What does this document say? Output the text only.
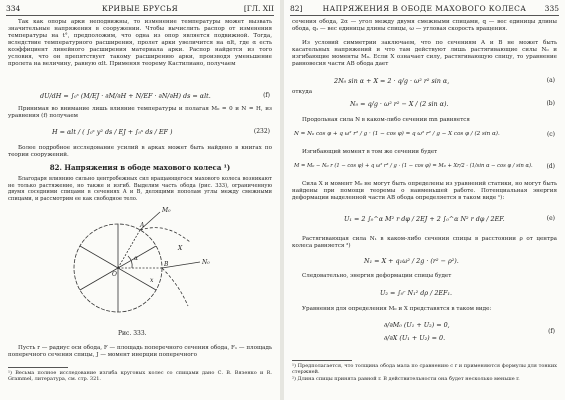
334	КРИВЫЕ БРУСЬЯ	[ГЛ. XII
Так как опоры арки неподвижны, то изменение температуры может вызвать значительные напряжения в сооружении. Чтобы вычислить распор от изменения температуры на t°, предположим, что одна из опор является подвижной. Тогда, вследствие температурного расширения, пролет арки увеличится на αlt, где α есть коэффициент линейного расширения материала арки. Распор найдется из того условия, что он препятствует такому расширению арки, производя уменьшение пролета на величину, равную αlt. Применяя теорему Кастилиано, получаем
dU/dH = ∫₀ˢ (M/EJ · ∂M/∂H + N/EF · ∂N/∂H) ds = αlt.	(f)
Принимая во внимание лишь влияние температуры и полагая M₀ = 0 и N = H, из уравнения (f) получаем
H = αlt / ( ∫₀ˢ y² ds / EJ + ∫₀ˢ ds / EF )	(232)
Более подробное исследование усилий в арках может быть найдено в книгах по теории сооружений.
82. Напряжения в ободе махового колеса ¹)
Благодаря влиянию сильно центробежных сил вращающегося махового колеса возникают не только растяжение, но также и изгиб. Выделим часть обода (рис. 333), ограниченную двумя соседними спицами в сечениях A и B, делящими пополам углы между смежными спицами, и рассмотрим ее как свободное тело.
O
α
B
A
N₀
M₀
x
X
Рис. 333.
Пусть r — радиус оси обода, F — площадь поперечного сечения обода, F₁ — площадь поперечного сечения спицы, J — момент инерции поперечного
¹) Весьма полное исследование изгиба круговых колес со спицами дано С. В. Вязенко и R. Grammel, литература, см. стр. 321.
82]	НАПРЯЖЕНИЯ В ОБОДЕ МАХОВОГО КОЛЕСА	335
сечения обода, 2α — угол между двумя смежными спицами, q — вес единицы длины обода, q₁ — вес единицы длины спицы, ω — угловая скорость вращения.
Из условий симметрии заключаем, что по сечениям A и B не может быть касательных напряжений и что там действуют лишь растягивающие силы N₀ и изгибающие моменты M₀. Если X означает силу, растягивающую спицу, то уравнение равновесия части AB обода дает
2N₀ sin α + X = 2 · q/g · ω² r² sin α,	(a)
откуда
N₀ = q/g · ω² r² − X / (2 sin α).	(b)
Продольная сила N в каком-либо сечении mn равняется
N = N₀ cos φ + q ω² r² / g · (1 − cos φ) = q ω² r² / g − X cos φ / (2 sin α).	(c)
Изгибающий момент в том же сечении будет
M = M₀ − N₀ r (1 − cos φ) + q ω² r³ / g · (1 − cos φ) = M₀ + Xr/2 · (1/sin α − cos φ / sin α). (d)
Сила X и момент M₀ не могут быть определены из уравнений статики, но могут быть найдены при помощи теоремы о наименьшей работе. Потенциальная энергия деформации выделенной части AB обода определяется в таком виде ¹):
U₁ = 2 ∫₀^α M² r dφ / 2EJ + 2 ∫₀^α N² r dφ / 2EF.	(e)
Растягивающая сила N₁ в каком-либо сечении спицы в расстоянии ρ от центра колеса равняется ²)
N₁ = X + q₁ω² / 2g · (r² − ρ²).
Следовательно, энергия деформации спицы будет
U₂ = ∫₀ʳ N₁² dρ / 2EF₁.
Уравнения для определения M₀ и X представятся в таком виде:
∂/∂M₀ (U₁ + U₂) = 0,
∂/∂X (U₁ + U₂) = 0.
(f)
¹) Предполагается, что толщина обода мала по сравнению с r и применяются формулы для тонких стержней.
²) Длина спицы принята равной r. В действительности она будет несколько меньше r.
